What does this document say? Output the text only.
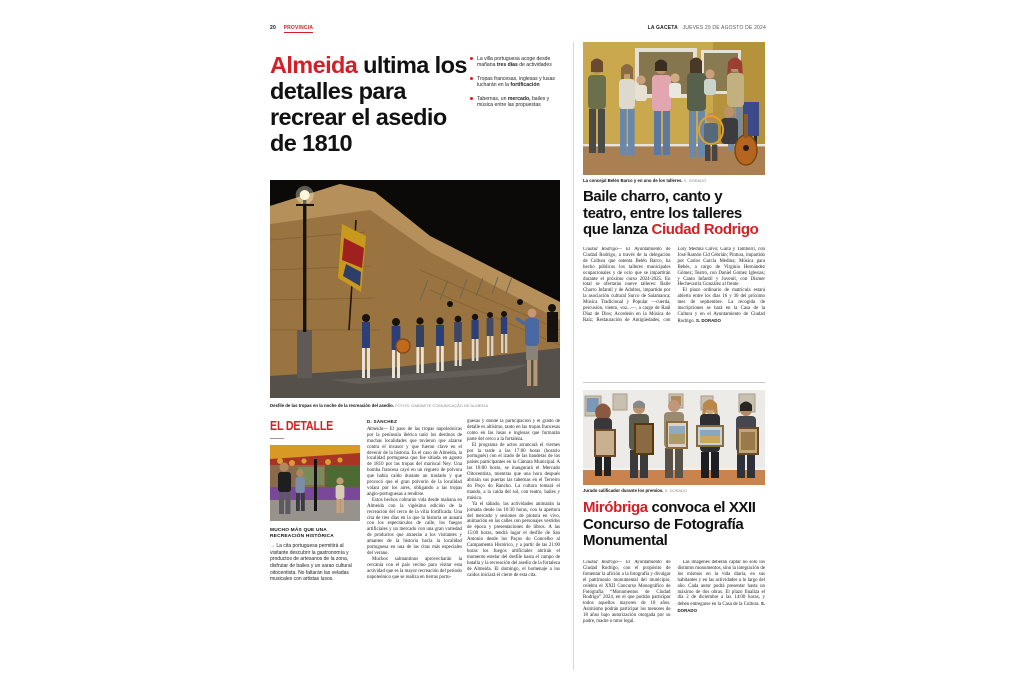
20 PROVINCIA	LA GACETA JUEVES 29 DE AGOSTO DE 2024
Almeida ultima los detalles para recrear el asedio de 1810
La villa portuguesa acoge desde mañana tres días de actividades
Tropas francesas, inglesas y lusas lucharán en la fortificación
Tabernas, un mercado, bailes y música entre las propuestas
Desfile de las tropas en la noche de la recreación del asedio. FOTOS: GABINETE COMUNICAÇÃO DE ALMEIDA
EL DETALLE
MUCHO MÁS QUE UNA RECREACIÓN HISTÓRICA
→ La cita portuguesa permitirá al visitante descubrir la gastronomía y productos de artesanos de la zona, disfrutar de bailes y un sarao cultural oitocentista. No faltarán las veladas musicales con artistas lusos.
D. SÁNCHEZ

Almeida— El paso de las tropas napoleónicas por la península ibérica unió los destinos de muchas localidades que tuvieron que alzarse contra el invasor y que fueron clave en el devenir de la historia. Es el caso de Almeida, la localidad portuguesa que fue sitiada en agosto de 1810 por las tropas del mariscal Ney. Una bomba francesa cayó en un reguero de pólvora que había caído durante un traslado y que provocó que el gran polvorín de la localidad volara por los aires, obligando a las tropas anglo-portuguesas a rendirse.

Estos hechos cobrarán vida desde mañana en Almeida con la vigésima edición de la recreación del cerco de la villa fortificada. Una cita de tres días en la que la historia se aunará con los espectáculos de calle, los fuegos artificiales y un mercado con una gran variedad de productos que atraerán a los visitantes y amantes de la historia hacia la localidad portuguesa en una de las citas más especiales del verano.

Muchos salmantinos aprovecharán la cercanía con el país vecino para visitar esta actividad que es la mayor recreación del periodo napoleónico que se realiza en tierras portu-

guesas y donde la participación y el grado de detalle es altísimo, tanto en las tropas francesas como en las lusas e inglesas que formarán parte del cerco a la fortaleza.

El programa de actos arrancará el viernes por la tarde a las 17:00 horas (horario portugués) con el izado de las banderas de los países participantes en la Cámara Municipal. A las 18:00 horas, se inaugurará el Mercado Oitocentista, mientras que una hora después abrirán sus puertas las tabernas en el Terreiro do Poço do Rancho. La cultura tomará el mando, a la caída del sol, con teatro, bailes y música.

Ya el sábado, las actividades animarán la jornada desde las 10:30 horas, con la apertura del mercado y sesiones de pintura en vivo, animación en las calles con personajes vestidos de época y presentaciones de libros. A las 15:00 horas, tendrá lugar el desfile de San Antonio desde los Paços do Concelho al Campamento Histórico, y a partir de las 21:00 horas los fuegos artificiales abrirán el momento estelar del desfile hasta el campo de batalla y la recreación del asedio de la fortaleza de Almeida. El domingo, el homenaje a los caídos iniciará el cierre de esta cita.

La concejal Belén Barco y en uno de los talleres. S. DORADO
Baile charro, canto y teatro, entre los talleres que lanza Ciudad Rodrigo

Ciudad Rodrigo— El Ayuntamiento de Ciudad Rodrigo, a través de la delegación de Cultura que ostenta Belén Barco, ha hecho públicos los talleres municipales ocupacionales y de ocio que se impartirán durante el próximo curso 2024-2025. En total se ofertarán nueve talleres: Baile Charro Infantil y de Adultos, impartido por la asociación cultural Surco de Salamanca; Música Tradicional y Popular —cuerda, percusión, viento, voz...—, a cargo de Raúl Díaz de Dios; Acordeón en la Música de Raíz; Restauración de Antigüedades, con Loly Medina Calvo; Gaita y Tamboril, con José Ramón Cid Cebrián; Pintura, impartido por Carlos García Medina; Música para Bebés, a cargo de Virginia Hernández Gómez; Teatro, con Daniel Gómez Iglesias; y Canto Infantil y Juvenil, con Dismer Hechevarría González al frente.

El plazo ordinario de matrícula estará abierto entre los días 16 y 30 del próximo mes de septiembre. La recogida de inscripciones se hará en la Casa de la Cultura y en el Ayuntamiento de Ciudad Rodrigo. S. DORADO

Jurado calificador durante los premios. S. DORADO
Miróbriga convoca el XXII Concurso de Fotografía Monumental

Ciudad Rodrigo— El Ayuntamiento de Ciudad Rodrigo, con el propósito de fomentar la afición a la fotografía y divulgar el patrimonio monumental del municipio, celebra el XXII Concurso Monográfico de Fotografía “Monumentos de Ciudad Rodrigo” 2024, en el que podrán participar todos aquellos mayores de 18 años. Asimismo podrán participar los menores de 18 años bajo autorización otorgada por su padre, madre o tutor legal.

Las imágenes deberán captar no solo los distintos monumentos, sino la integración de los mismos en la vida diaria, en sus habitantes y en las actividades a lo largo del año. Cada autor podrá presentar hasta un máximo de dos obras. El plazo finaliza el día 2 de diciembre a las 14:00 horas, y deben entregarse en la Casa de la Cultura. S. DORADO
